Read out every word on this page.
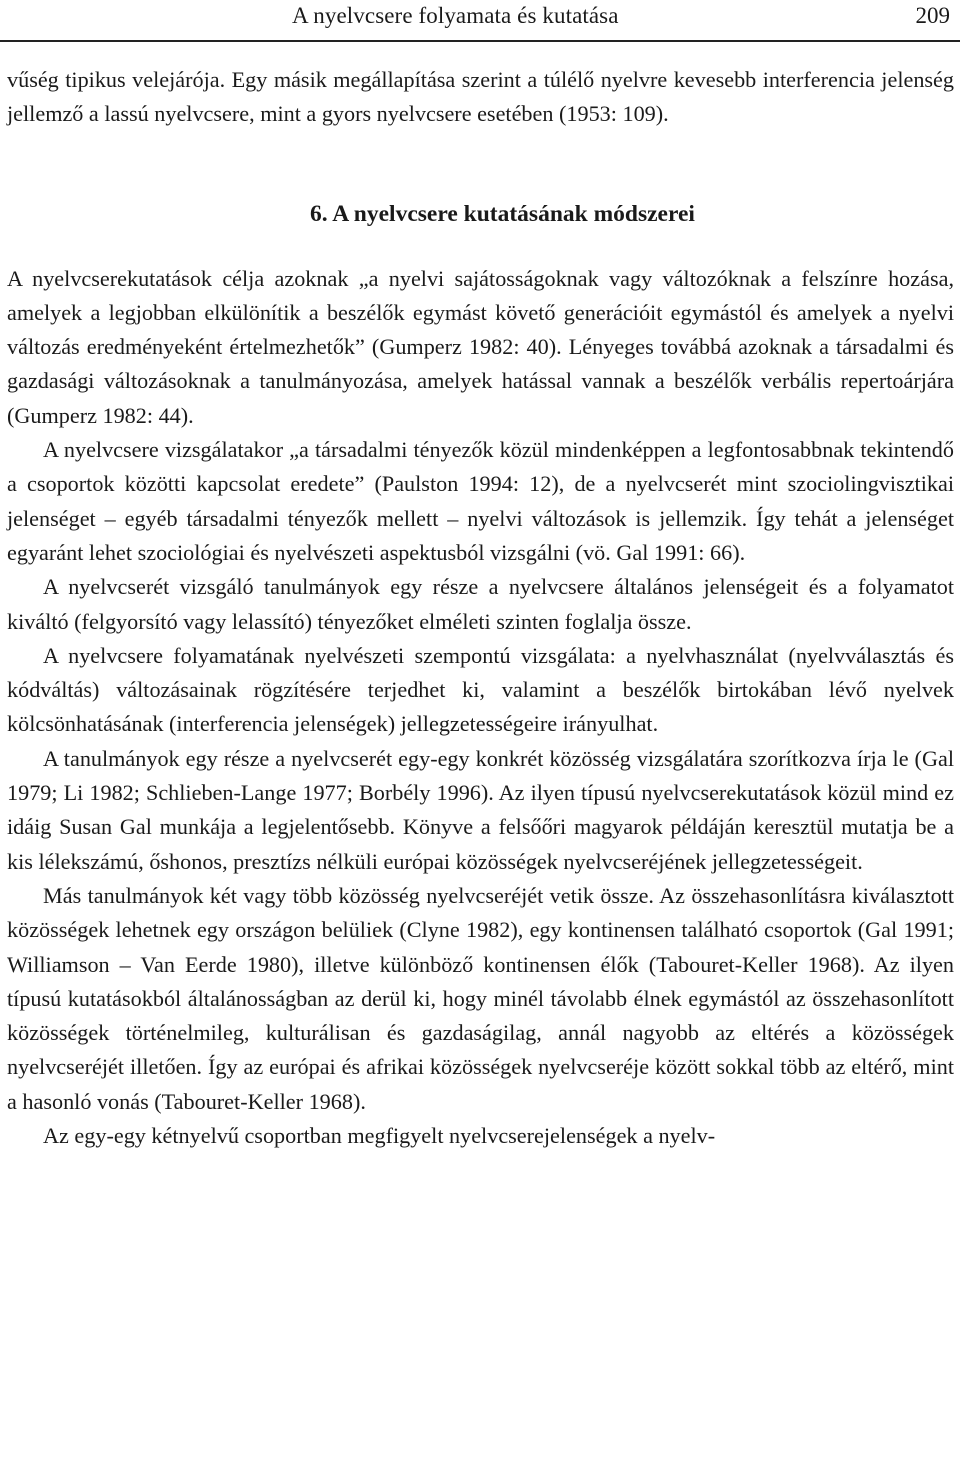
A nyelvcsere folyamata és kutatása	209

vűség tipikus velejárója. Egy másik megállapítása szerint a túlélő nyelvre kevesebb interferencia jelenség jellemző a lassú nyelvcsere, mint a gyors nyelvcsere esetében (1953: 109).

6. A nyelvcsere kutatásának módszerei

A nyelvcserekutatások célja azoknak „a nyelvi sajátosságoknak vagy változóknak a felszínre hozása, amelyek a legjobban elkülönítik a beszélők egymást követő generációit egymástól és amelyek a nyelvi változás eredményeként értelmezhetők” (Gumperz 1982: 40). Lényeges továbbá azoknak a társadalmi és gazdasági változásoknak a tanulmányozása, amelyek hatással vannak a beszélők verbális repertoárjára (Gumperz 1982: 44).

A nyelvcsere vizsgálatakor „a társadalmi tényezők közül mindenképpen a legfontosabbnak tekintendő a csoportok közötti kapcsolat eredete” (Paulston 1994: 12), de a nyelvcserét mint szociolingvisztikai jelenséget – egyéb társadalmi tényezők mellett – nyelvi változások is jellemzik. Így tehát a jelenséget egyaránt lehet szociológiai és nyelvészeti aspektusból vizsgálni (vö. Gal 1991: 66).

A nyelvcserét vizsgáló tanulmányok egy része a nyelvcsere általános jelenségeit és a folyamatot kiváltó (felgyorsító vagy lelassító) tényezőket elméleti szinten foglalja össze.

A nyelvcsere folyamatának nyelvészeti szempontú vizsgálata: a nyelvhasználat (nyelvválasztás és kódváltás) változásainak rögzítésére terjedhet ki, valamint a beszélők birtokában lévő nyelvek kölcsönhatásának (interferencia jelenségek) jellegzetességeire irányulhat.

A tanulmányok egy része a nyelvcserét egy-egy konkrét közösség vizsgálatára szorítkozva írja le (Gal 1979; Li 1982; Schlieben-Lange 1977; Borbély 1996). Az ilyen típusú nyelvcserekutatások közül mind ez idáig Susan Gal munkája a legjelentősebb. Könyve a felsőőri magyarok példáján keresztül mutatja be a kis lélekszámú, őshonos, presztízs nélküli európai közösségek nyelvcseréjének jellegzetességeit.

Más tanulmányok két vagy több közösség nyelvcseréjét vetik össze. Az összehasonlításra kiválasztott közösségek lehetnek egy országon belüliek (Clyne 1982), egy kontinensen található csoportok (Gal 1991; Williamson – Van Eerde 1980), illetve különböző kontinensen élők (Tabouret-Keller 1968). Az ilyen típusú kutatásokból általánosságban az derül ki, hogy minél távolabb élnek egymástól az összehasonlított közösségek történelmileg, kulturálisan és gazdaságilag, annál nagyobb az eltérés a közösségek nyelvcseréjét illetően. Így az európai és afrikai közösségek nyelvcseréje között sokkal több az eltérő, mint a hasonló vonás (Tabouret-Keller 1968).

Az egy-egy kétnyelvű csoportban megfigyelt nyelvcserejelenségek a nyelv-
